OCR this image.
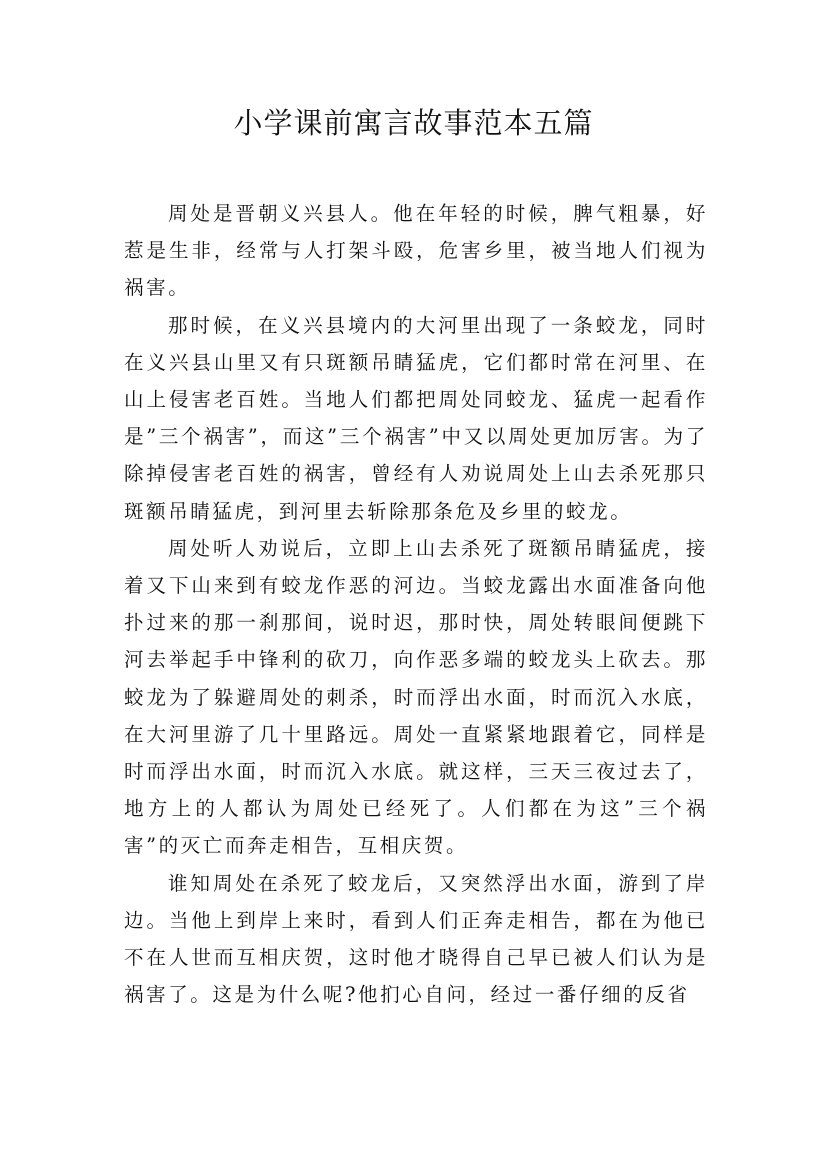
小学课前寓言故事范本五篇

周处是晋朝义兴县人。他在年轻的时候，脾气粗暴，好惹是生非，经常与人打架斗殴，危害乡里，被当地人们视为祸害。

那时候，在义兴县境内的大河里出现了一条蛟龙，同时在义兴县山里又有只斑额吊睛猛虎，它们都时常在河里、在山上侵害老百姓。当地人们都把周处同蛟龙、猛虎一起看作是”三个祸害”，而这”三个祸害”中又以周处更加厉害。为了除掉侵害老百姓的祸害，曾经有人劝说周处上山去杀死那只斑额吊睛猛虎，到河里去斩除那条危及乡里的蛟龙。

周处听人劝说后，立即上山去杀死了斑额吊睛猛虎，接着又下山来到有蛟龙作恶的河边。当蛟龙露出水面准备向他扑过来的那一刹那间，说时迟，那时快，周处转眼间便跳下河去举起手中锋利的砍刀，向作恶多端的蛟龙头上砍去。那蛟龙为了躲避周处的刺杀，时而浮出水面，时而沉入水底，在大河里游了几十里路远。周处一直紧紧地跟着它，同样是时而浮出水面，时而沉入水底。就这样，三天三夜过去了，地方上的人都认为周处已经死了。人们都在为这”三个祸害”的灭亡而奔走相告，互相庆贺。

谁知周处在杀死了蛟龙后，又突然浮出水面，游到了岸边。当他上到岸上来时，看到人们正奔走相告，都在为他已不在人世而互相庆贺，这时他才晓得自己早已被人们认为是祸害了。这是为什么呢?他扪心自问，经过一番仔细的反省
